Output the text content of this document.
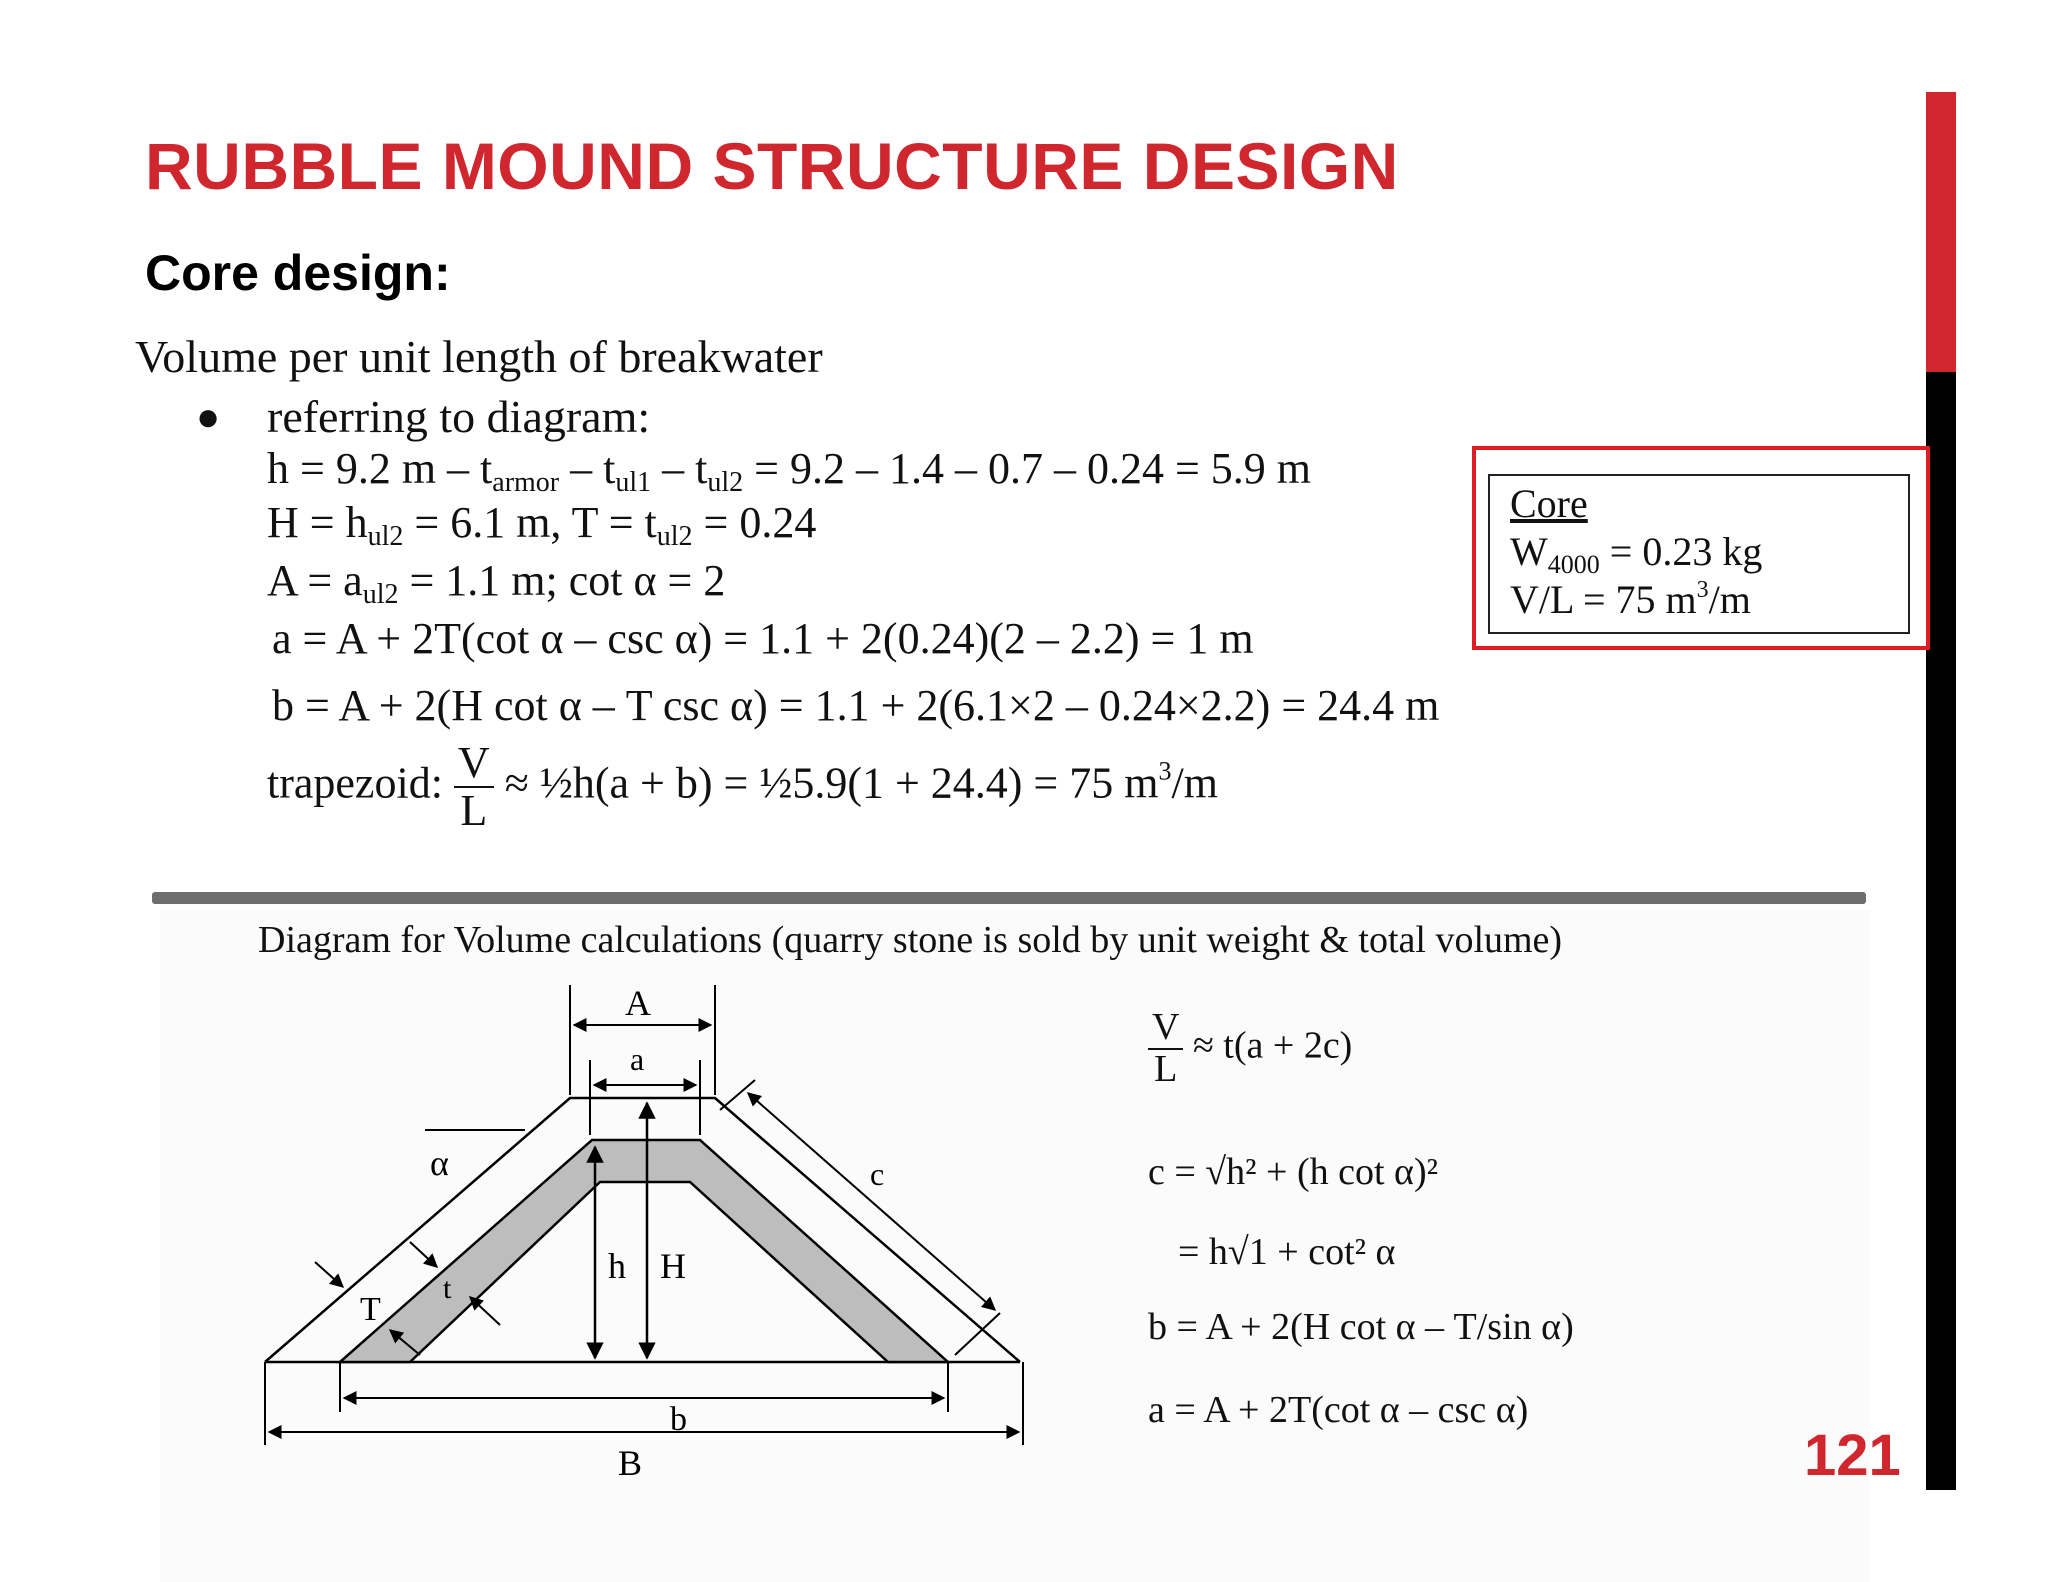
RUBBLE MOUND STRUCTURE DESIGN
Core design:
Volume per unit length of breakwater
● referring to diagram:
h = 9.2 $m - t_{armor} - t_{ul1} - t_{ul2} = 9.2 - 1.4 - 0.7 - 0.24 = 5.9$ m
$H = h_{ul2} = 6.1$ m, $T = t_{ul2} = 0.24$
$A = a_{ul2} = 1.1$ m; cot α = 2
a = A + 2T(cot α – csc α) = 1.1 + 2(0.24)(2 – 2.2) = 1 m
b = A + 2(H cot α – T csc α) = 1.1 + 2(6.1×2 – 0.24×2.2) = 24.4 m
trapezoid: $\frac{V}{L}$ ≈ ½h(a + b) = ½5.9(1 + 24.4) = 75 $m^3/m$
Core
$W_{4000} = 0.23$ kg
V/L = 75 $m^3/m$
Diagram for Volume calculations (quarry stone is sold by unit weight & total volume)
A
a
α	c
t
T
h H
b
B
$\frac{V}{L} \approx t(a + 2c)$
c = √h² + (h cot α)²
= h√1 + cot² α
b = A + 2(H cot α – T/sin α)
a = A + 2T(cot α – csc α)
121
